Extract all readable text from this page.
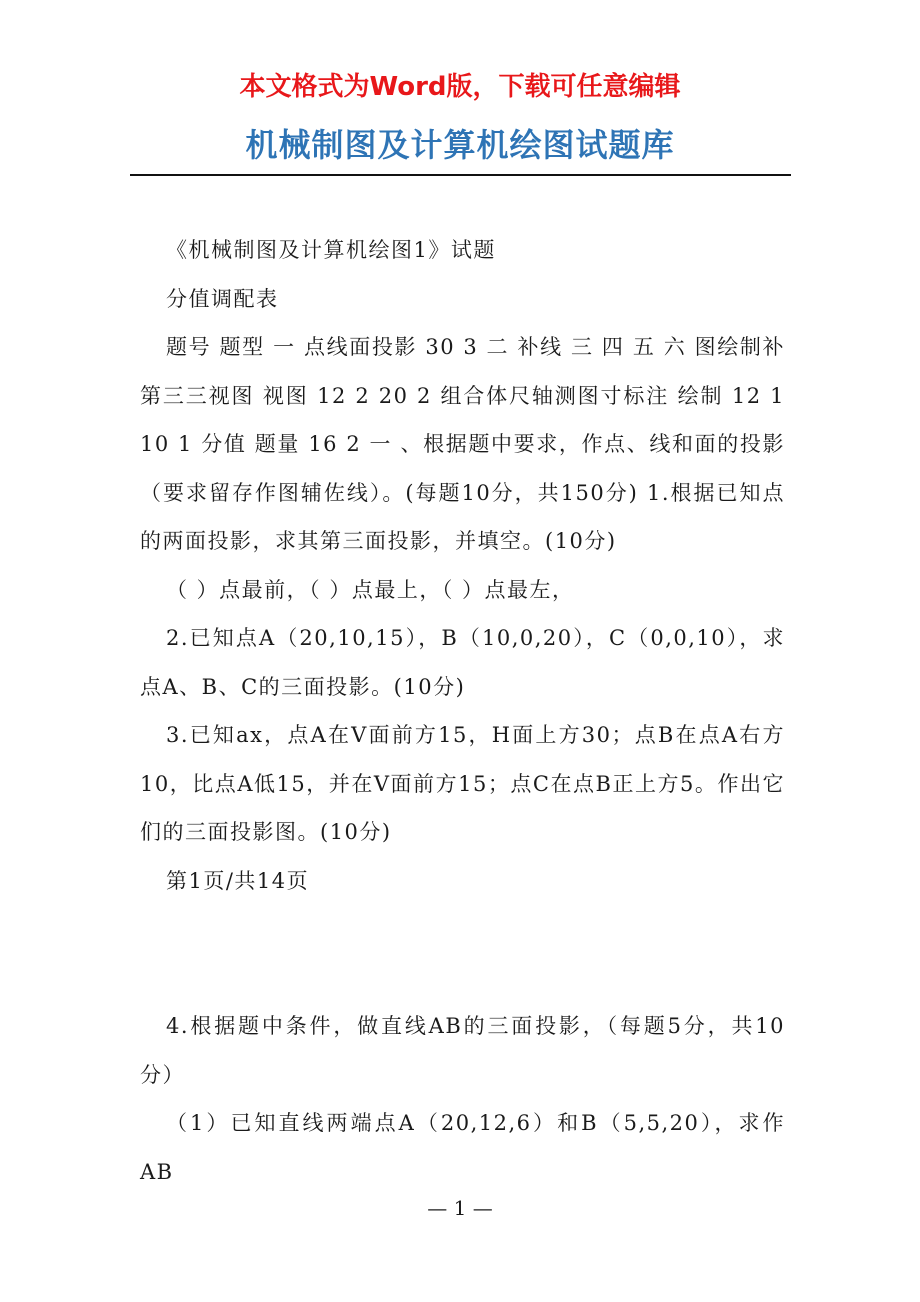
本文格式为Word版，下载可任意编辑
机械制图及计算机绘图试题库

《机械制图及计算机绘图1》试题

分值调配表

题号 题型 一 点线面投影 30 3 二 补线 三 四 五 六 图绘制补第三三视图 视图 12 2 20 2 组合体尺轴测图寸标注 绘制 12 1 10 1 分值 题量 16 2 一 、根据题中要求，作点、线和面的投影（要求留存作图辅佐线）。(每题10分，共150分) 1.根据已知点的两面投影，求其第三面投影，并填空。(10分)

（ ）点最前，（ ）点最上，（ ）点最左，

2.已知点A（20,10,15），B（10,0,20），C（0,0,10），求点A、B、C的三面投影。(10分)

3.已知ax，点A在V面前方15，H面上方30；点B在点A右方10，比点A低15，并在V面前方15；点C在点B正上方5。作出它们的三面投影图。(10分)

第1页/共14页

4.根据题中条件，做直线AB的三面投影，（每题5分，共10分）

（1）已知直线两端点A（20,12,6）和B（5,5,20），求作AB

— 1 —
